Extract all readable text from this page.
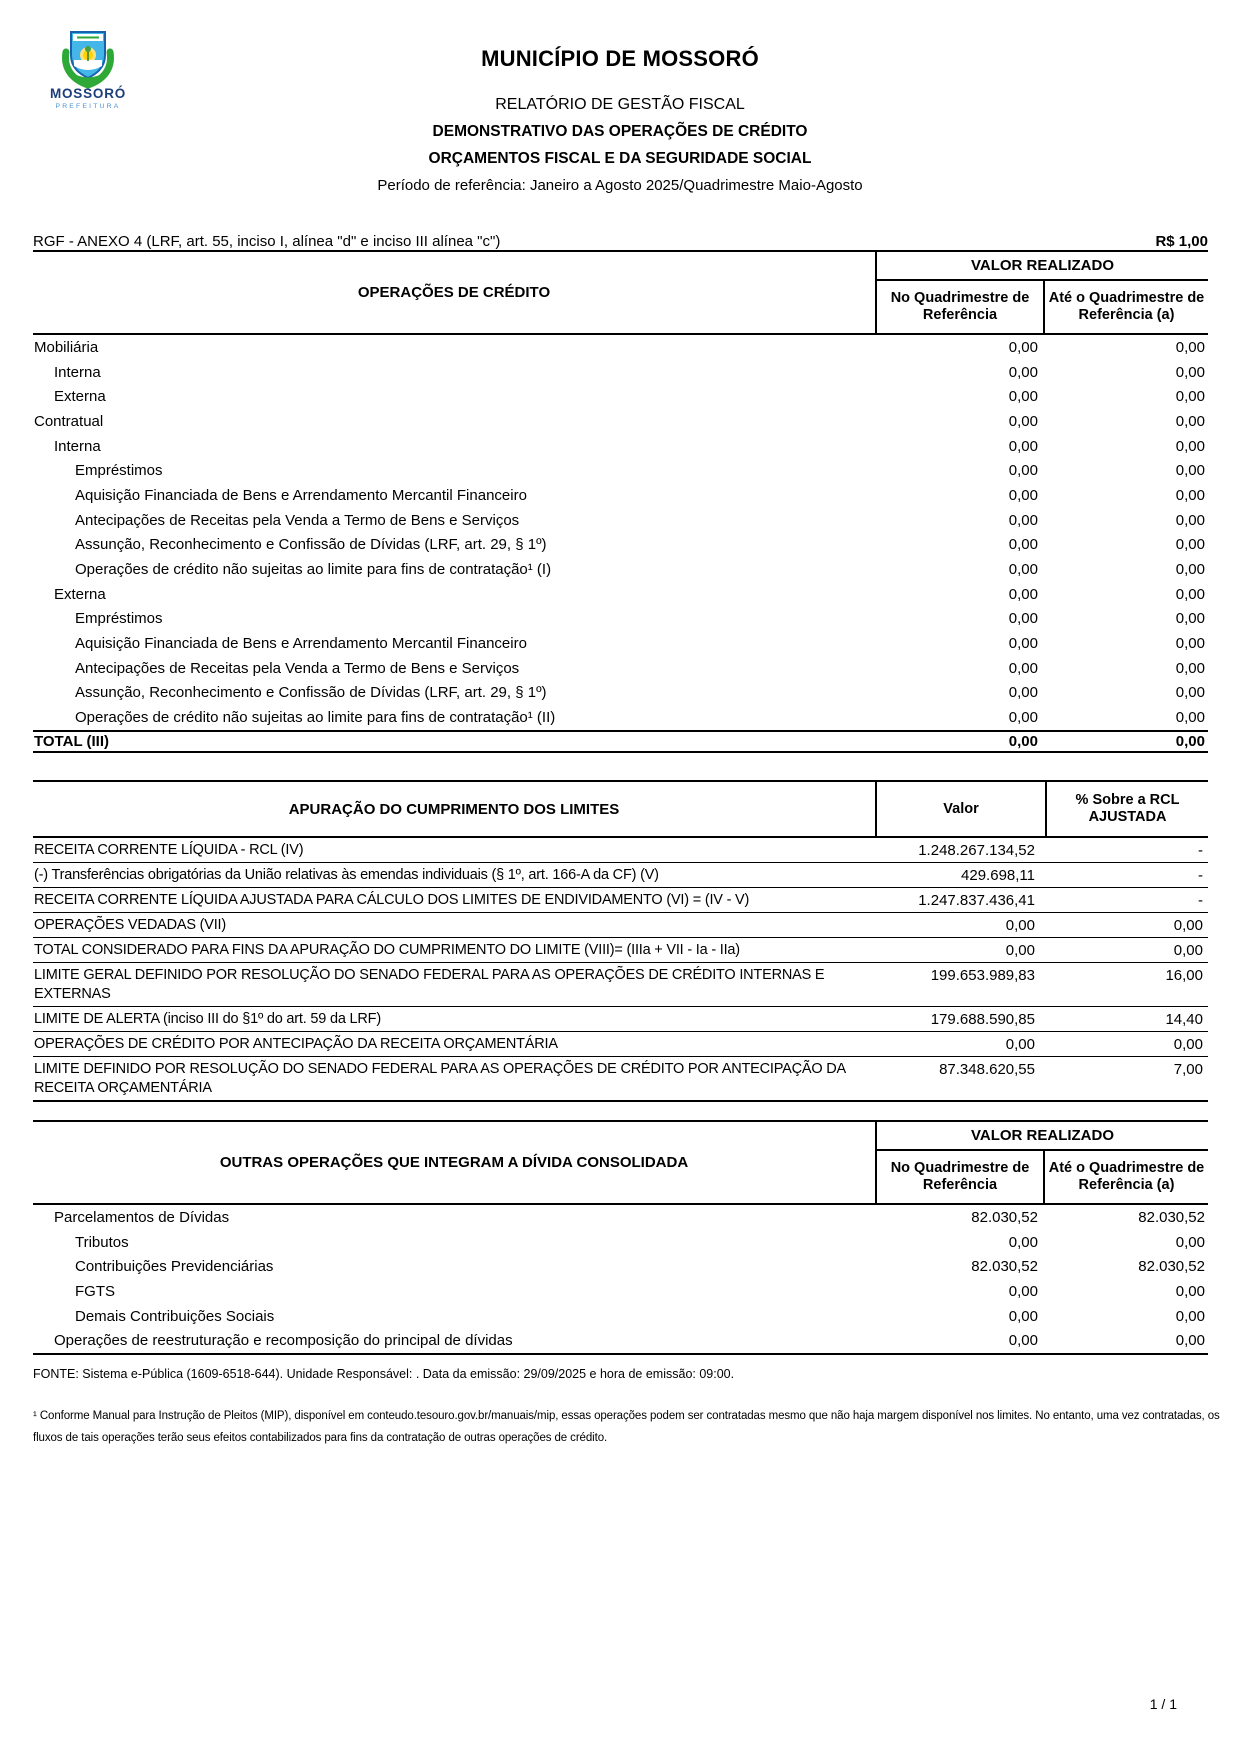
MOSSORÓ
PREFEITURA
MUNICÍPIO DE MOSSORÓ
RELATÓRIO DE GESTÃO FISCAL
DEMONSTRATIVO DAS OPERAÇÕES DE CRÉDITO
ORÇAMENTOS FISCAL E DA SEGURIDADE SOCIAL
Período de referência: Janeiro a Agosto 2025/Quadrimestre Maio-Agosto
RGF - ANEXO 4 (LRF, art. 55, inciso I, alínea "d" e inciso III alínea "c")	R$ 1,00
OPERAÇÕES DE CRÉDITO
VALOR REALIZADO
No Quadrimestre de Referência
Até o Quadrimestre de Referência (a)
Mobiliária	0,00	0,00
Interna	0,00	0,00
Externa	0,00	0,00
Contratual	0,00	0,00
Interna	0,00	0,00
Empréstimos	0,00	0,00
Aquisição Financiada de Bens e Arrendamento Mercantil Financeiro	0,00	0,00
Antecipações de Receitas pela Venda a Termo de Bens e Serviços	0,00	0,00
Assunção, Reconhecimento e Confissão de Dívidas (LRF, art. 29, § 1º)	0,00	0,00
Operações de crédito não sujeitas ao limite para fins de contratação¹ (I)	0,00	0,00
Externa	0,00	0,00
Empréstimos	0,00	0,00
Aquisição Financiada de Bens e Arrendamento Mercantil Financeiro	0,00	0,00
Antecipações de Receitas pela Venda a Termo de Bens e Serviços	0,00	0,00
Assunção, Reconhecimento e Confissão de Dívidas (LRF, art. 29, § 1º)	0,00	0,00
Operações de crédito não sujeitas ao limite para fins de contratação¹ (II)	0,00	0,00
TOTAL (III)	0,00	0,00
APURAÇÃO DO CUMPRIMENTO DOS LIMITES	Valor
% Sobre a RCL AJUSTADA
RECEITA CORRENTE LÍQUIDA - RCL (IV)	1.248.267.134,52	-
(-) Transferências obrigatórias da União relativas às emendas individuais (§ 1º, art. 166-A da CF) (V)	429.698,11	-
RECEITA CORRENTE LÍQUIDA AJUSTADA PARA CÁLCULO DOS LIMITES DE ENDIVIDAMENTO (VI) = (IV - V)	1.247.837.436,41	-
OPERAÇÕES VEDADAS (VII)	0,00	0,00
TOTAL CONSIDERADO PARA FINS DA APURAÇÃO DO CUMPRIMENTO DO LIMITE (VIII)= (IIIa + VII - Ia - IIa)	0,00	0,00
LIMITE GERAL DEFINIDO POR RESOLUÇÃO DO SENADO FEDERAL PARA AS OPERAÇÕES DE CRÉDITO INTERNAS E EXTERNAS
199.653.989,83	16,00
LIMITE DE ALERTA (inciso III do §1º do art. 59 da LRF)	179.688.590,85	14,40
OPERAÇÕES DE CRÉDITO POR ANTECIPAÇÃO DA RECEITA ORÇAMENTÁRIA	0,00	0,00
LIMITE DEFINIDO POR RESOLUÇÃO DO SENADO FEDERAL PARA AS OPERAÇÕES DE CRÉDITO POR ANTECIPAÇÃO DA RECEITA ORÇAMENTÁRIA
87.348.620,55	7,00
OUTRAS OPERAÇÕES QUE INTEGRAM A DÍVIDA CONSOLIDADA
VALOR REALIZADO
No Quadrimestre de Referência
Até o Quadrimestre de Referência (a)
Parcelamentos de Dívidas	82.030,52	82.030,52
Tributos	0,00	0,00
Contribuições Previdenciárias	82.030,52	82.030,52
FGTS	0,00	0,00
Demais Contribuições Sociais	0,00	0,00
Operações de reestruturação e recomposição do principal de dívidas	0,00	0,00
FONTE: Sistema e-Pública (1609-6518-644). Unidade Responsável: . Data da emissão: 29/09/2025 e hora de emissão: 09:00.
¹ Conforme Manual para Instrução de Pleitos (MIP), disponível em conteudo.tesouro.gov.br/manuais/mip, essas operações podem ser contratadas mesmo que não haja margem disponível nos limites. No entanto, uma vez contratadas, os fluxos de tais operações terão seus efeitos contabilizados para fins da contratação de outras operações de crédito.
1 / 1
